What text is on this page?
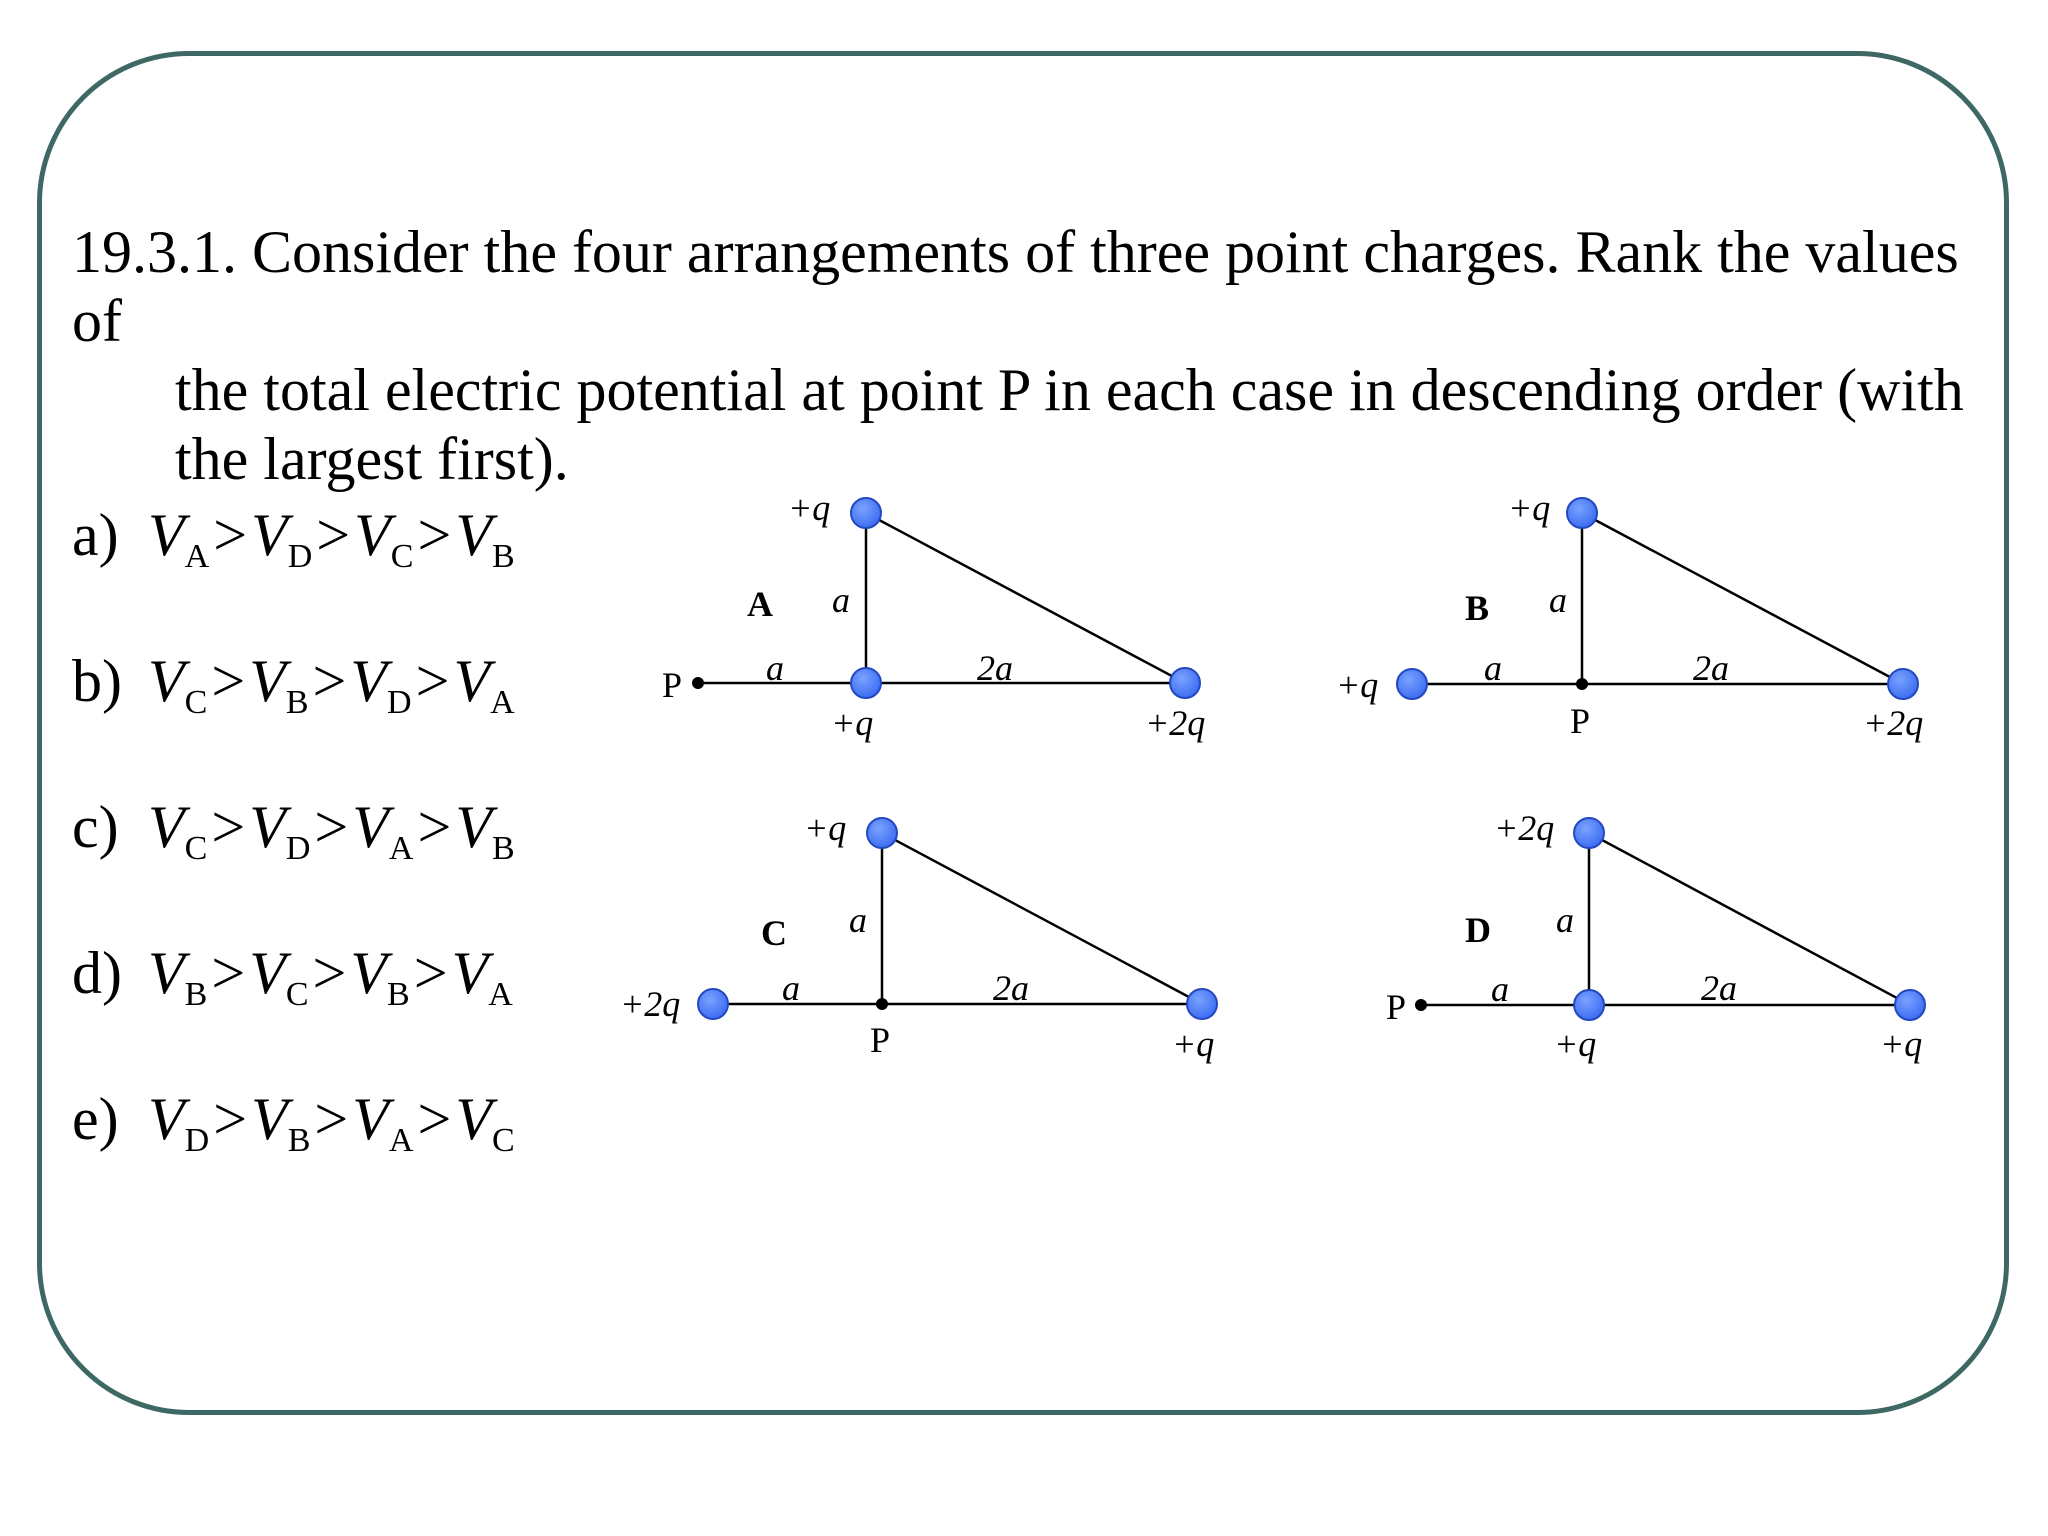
19.3.1. Consider the four arrangements of three point charges. Rank the values of
the total electric potential at point P in each case in descending order (with
the largest first).
a) $V_A>V_D>V_C>V_B$
b) $V_C>V_B>V_D>V_A$
c) $V_C>V_D>V_A>V_B$
d) $V_B>V_C>V_B>V_A$
e) $V_D>V_B>V_A>V_C$
+q
A a
a	2a
P
+q	+2q
+q
B a
a	2a
+q
P	+2q
+q
C a
a	2a
+2q
P	+q
+2q
D a
a	2a
P
+q	+q
